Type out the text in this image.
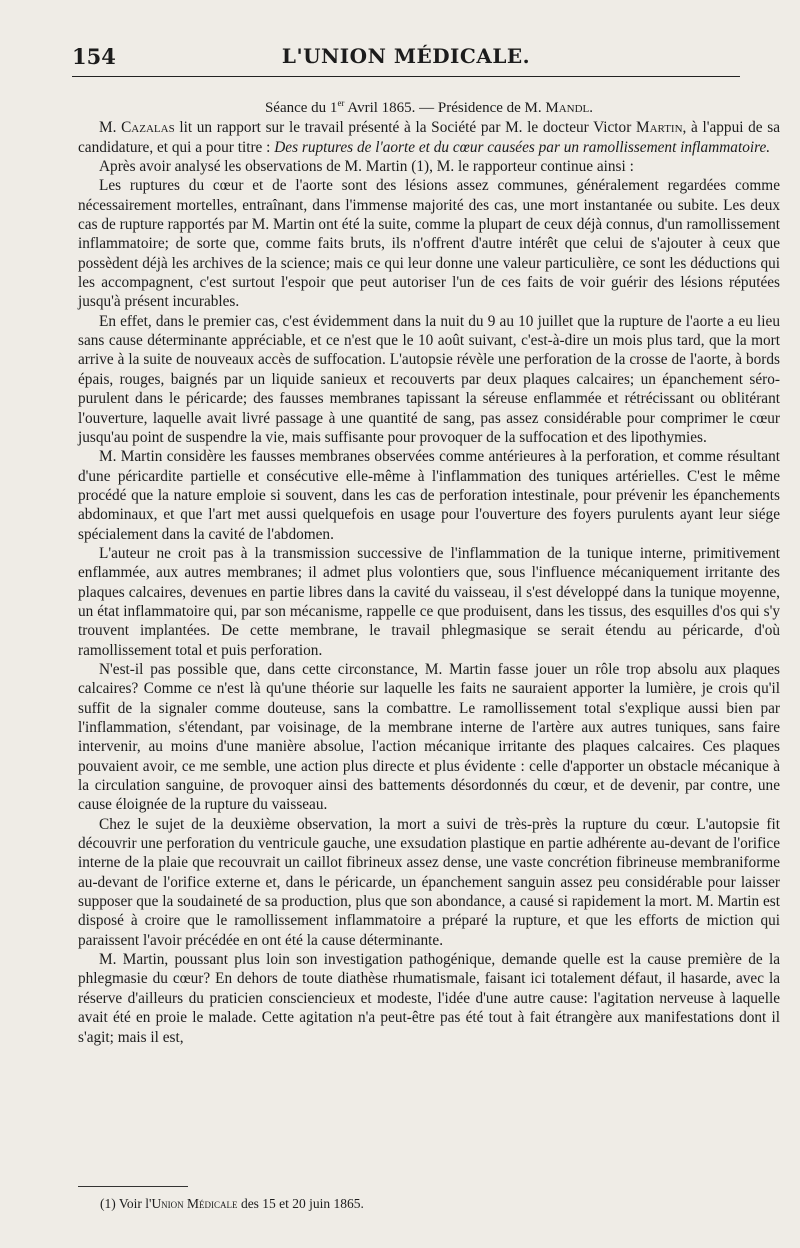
154	L'UNION MÉDICALE.

Séance du 1er Avril 1865. — Présidence de M. Mandl.

M. Cazalas lit un rapport sur le travail présenté à la Société par M. le docteur Victor Martin, à l'appui de sa candidature, et qui a pour titre : Des ruptures de l'aorte et du cœur causées par un ramollissement inflammatoire.

Après avoir analysé les observations de M. Martin (1), M. le rapporteur continue ainsi :

Les ruptures du cœur et de l'aorte sont des lésions assez communes, généralement regardées comme nécessairement mortelles, entraînant, dans l'immense majorité des cas, une mort instantanée ou subite. Les deux cas de rupture rapportés par M. Martin ont été la suite, comme la plupart de ceux déjà connus, d'un ramollissement inflammatoire; de sorte que, comme faits bruts, ils n'offrent d'autre intérêt que celui de s'ajouter à ceux que possèdent déjà les archives de la science; mais ce qui leur donne une valeur particulière, ce sont les déductions qui les accompagnent, c'est surtout l'espoir que peut autoriser l'un de ces faits de voir guérir des lésions réputées jusqu'à présent incurables.

En effet, dans le premier cas, c'est évidemment dans la nuit du 9 au 10 juillet que la rupture de l'aorte a eu lieu sans cause déterminante appréciable, et ce n'est que le 10 août suivant, c'est-à-dire un mois plus tard, que la mort arrive à la suite de nouveaux accès de suffocation. L'autopsie révèle une perforation de la crosse de l'aorte, à bords épais, rouges, baignés par un liquide sanieux et recouverts par deux plaques calcaires; un épanchement séro-purulent dans le péricarde; des fausses membranes tapissant la séreuse enflammée et rétrécissant ou oblitérant l'ouverture, laquelle avait livré passage à une quantité de sang, pas assez considérable pour comprimer le cœur jusqu'au point de suspendre la vie, mais suffisante pour provoquer de la suffocation et des lipothymies.

M. Martin considère les fausses membranes observées comme antérieures à la perforation, et comme résultant d'une péricardite partielle et consécutive elle-même à l'inflammation des tuniques artérielles. C'est le même procédé que la nature emploie si souvent, dans les cas de perforation intestinale, pour prévenir les épanchements abdominaux, et que l'art met aussi quelquefois en usage pour l'ouverture des foyers purulents ayant leur siége spécialement dans la cavité de l'abdomen.

L'auteur ne croit pas à la transmission successive de l'inflammation de la tunique interne, primitivement enflammée, aux autres membranes; il admet plus volontiers que, sous l'influence mécaniquement irritante des plaques calcaires, devenues en partie libres dans la cavité du vaisseau, il s'est développé dans la tunique moyenne, un état inflammatoire qui, par son mécanisme, rappelle ce que produisent, dans les tissus, des esquilles d'os qui s'y trouvent implantées. De cette membrane, le travail phlegmasique se serait étendu au péricarde, d'où ramollissement total et puis perforation.

N'est-il pas possible que, dans cette circonstance, M. Martin fasse jouer un rôle trop absolu aux plaques calcaires? Comme ce n'est là qu'une théorie sur laquelle les faits ne sauraient apporter la lumière, je crois qu'il suffit de la signaler comme douteuse, sans la combattre. Le ramollissement total s'explique aussi bien par l'inflammation, s'étendant, par voisinage, de la membrane interne de l'artère aux autres tuniques, sans faire intervenir, au moins d'une manière absolue, l'action mécanique irritante des plaques calcaires. Ces plaques pouvaient avoir, ce me semble, une action plus directe et plus évidente : celle d'apporter un obstacle mécanique à la circulation sanguine, de provoquer ainsi des battements désordonnés du cœur, et de devenir, par contre, une cause éloignée de la rupture du vaisseau.

Chez le sujet de la deuxième observation, la mort a suivi de très-près la rupture du cœur. L'autopsie fit découvrir une perforation du ventricule gauche, une exsudation plastique en partie adhérente au-devant de l'orifice interne de la plaie que recouvrait un caillot fibrineux assez dense, une vaste concrétion fibrineuse membraniforme au-devant de l'orifice externe et, dans le péricarde, un épanchement sanguin assez peu considérable pour laisser supposer que la soudaineté de sa production, plus que son abondance, a causé si rapidement la mort. M. Martin est disposé à croire que le ramollissement inflammatoire a préparé la rupture, et que les efforts de miction qui paraissent l'avoir précédée en ont été la cause déterminante.

M. Martin, poussant plus loin son investigation pathogénique, demande quelle est la cause première de la phlegmasie du cœur? En dehors de toute diathèse rhumatismale, faisant ici totalement défaut, il hasarde, avec la réserve d'ailleurs du praticien consciencieux et modeste, l'idée d'une autre cause: l'agitation nerveuse à laquelle avait été en proie le malade. Cette agitation n'a peut-être pas été tout à fait étrangère aux manifestations dont il s'agit; mais il est,

(1) Voir l'Union Médicale des 15 et 20 juin 1865.
